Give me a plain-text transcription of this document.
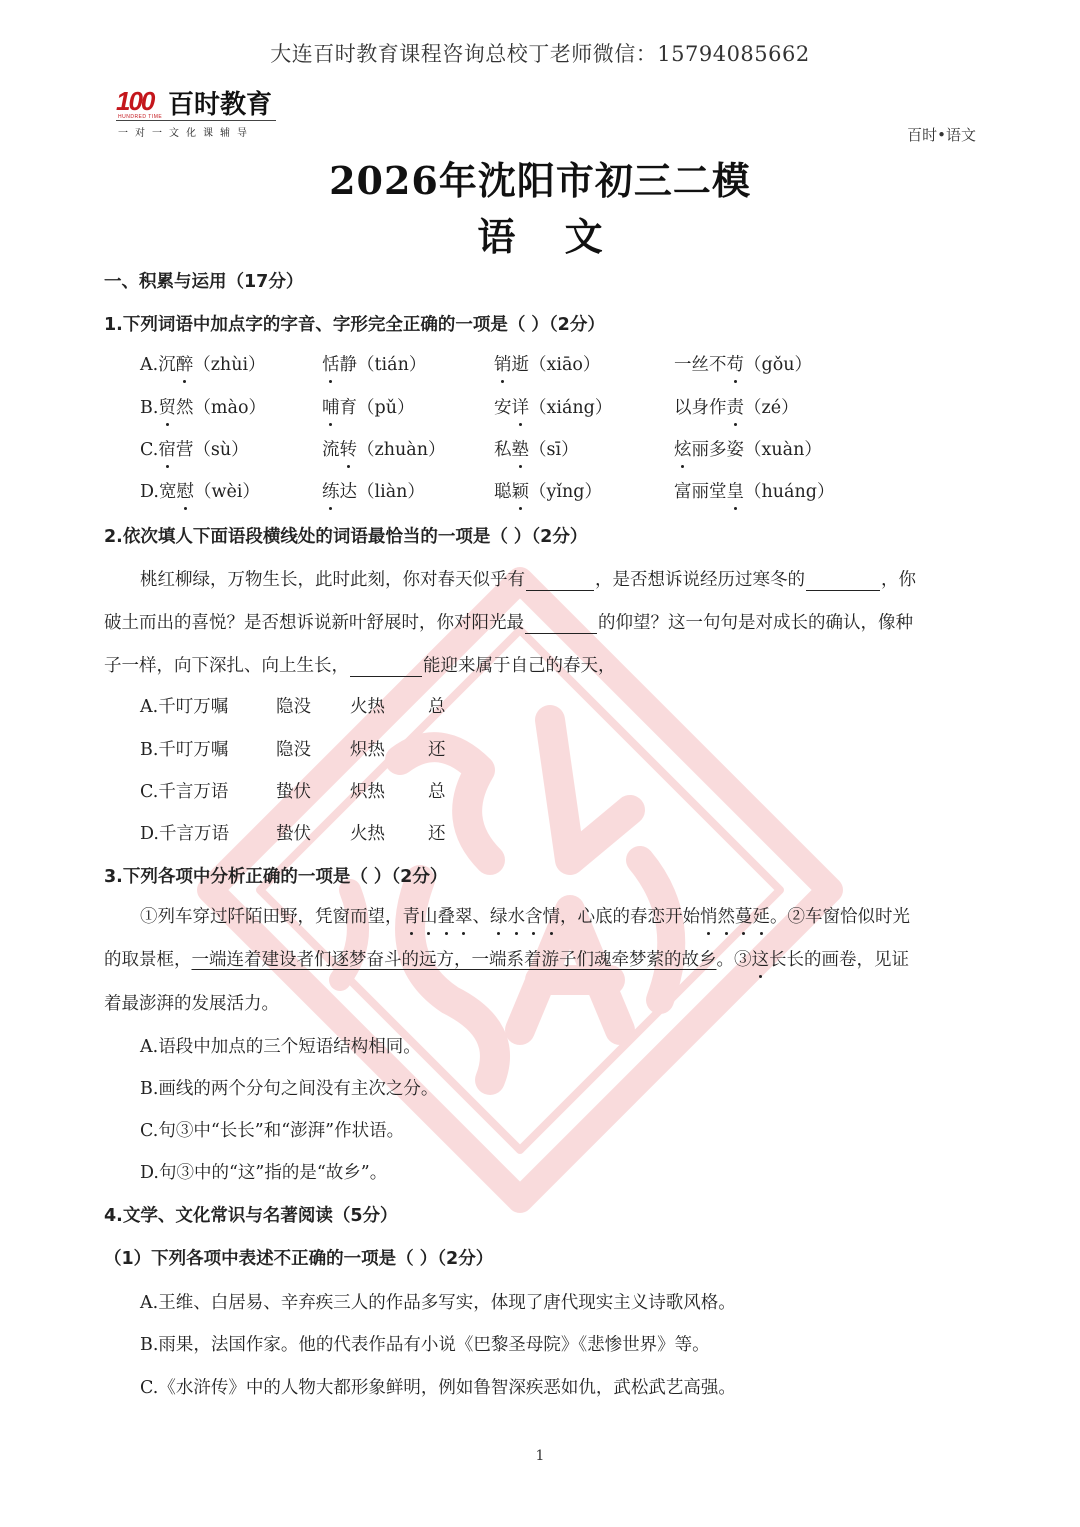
大连百时教育课程咨询总校丁老师微信：15794085662
100
HUNDRED TIME 百时教育
一对一文化课辅导	百时•语文
2026年沈阳市初三二模
语 文
一、积累与运用（17分）
1.下列词语中加点字的字音、字形完全正确的一项是（ ）（2分）
A.沉醉（zhùi）	恬静（tián）	销逝（xiāo）	一丝不苟（gǒu）
B.贸然（mào）	哺育（pǔ）	安详（xiáng）	以身作责（zé）
C.宿营（sù）	流转（zhuàn）	私塾（sī）	炫丽多姿（xuàn）
D.宽慰（wèi）	练达（liàn）	聪颖（yǐng）	富丽堂皇（huáng）
2.依次填人下面语段横线处的词语最恰当的一项是（ ）（2分）
桃红柳绿，万物生长，此时此刻，你对春天似乎有	，是否想诉说经历过寒冬的	，你
破土而出的喜悦？是否想诉说新叶舒展时，你对阳光最	的仰望？这一句句是对成长的确认，像种
子一样，向下深扎、向上生长，	能迎来属于自己的春天，
A.千叮万嘱	隐没 火热 总
B.千叮万嘱	隐没 炽热 还
C.千言万语	蛰伏 炽热 总
D.千言万语	蛰伏 火热 还
3.下列各项中分析正确的一项是（ ）（2分）
①列车穿过阡陌田野，凭窗而望，青山叠翠、绿水含情，心底的春恋开始悄然蔓延。②车窗恰似时光
的取景框，一端连着建设者们逐梦奋斗的远方，一端系着游子们魂牵梦萦的故乡。③这长长的画卷，见证
着最澎湃的发展活力。
A.语段中加点的三个短语结构相同。
B.画线的两个分句之间没有主次之分。
C.句③中“长长”和“澎湃”作状语。
D.句③中的“这”指的是“故乡”。
4.文学、文化常识与名著阅读（5分）
（1）下列各项中表述不正确的一项是（ ）（2分）
A.王维、白居易、辛弃疾三人的作品多写实，体现了唐代现实主义诗歌风格。
B.雨果，法国作家。他的代表作品有小说《巴黎圣母院》《悲惨世界》等。
C.《水浒传》中的人物大都形象鲜明，例如鲁智深疾恶如仇，武松武艺高强。
1
